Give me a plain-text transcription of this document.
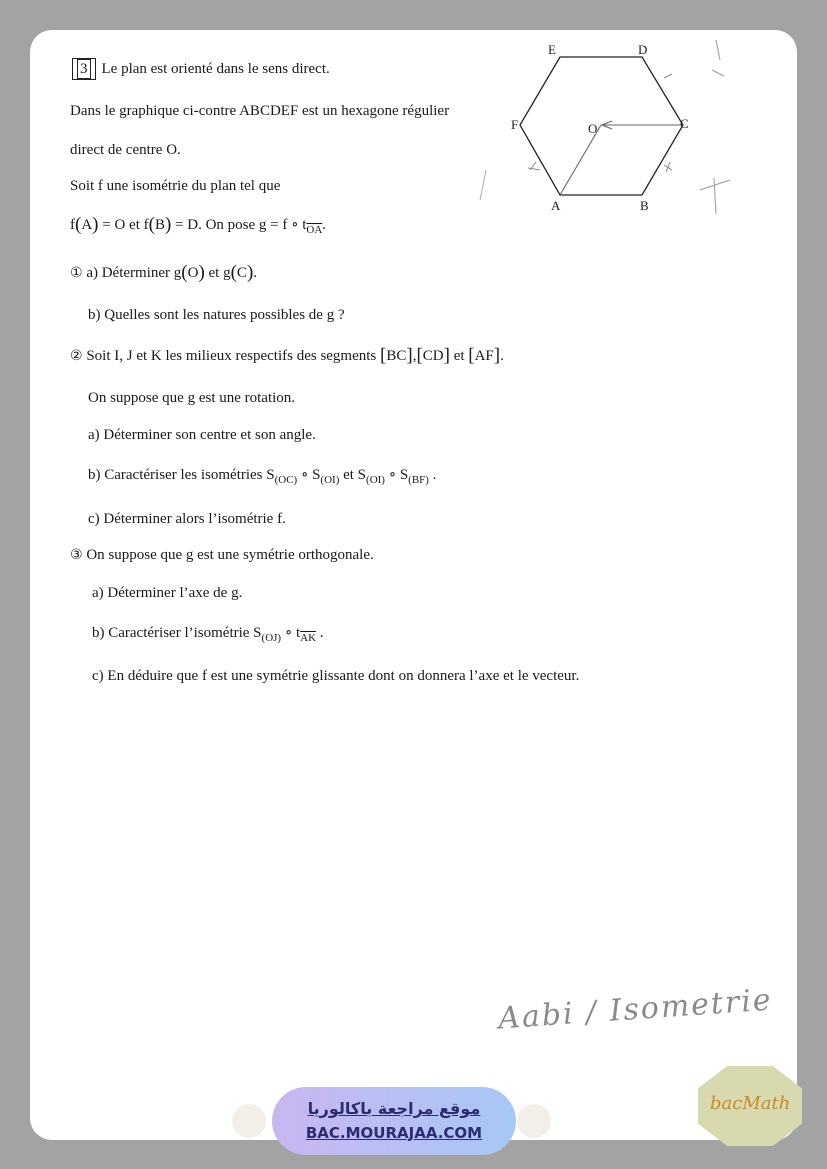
3 Le plan est orienté dans le sens direct.
Dans le graphique ci-contre ABCDEF est un hexagone régulier
direct de centre O.
Soit f une isométrie du plan tel que
f(A) = O et f(B) = D. On pose g = f ∘ $t_{\overline{OA}}$.
① a) Déterminer g(O) et g(C).
b) Quelles sont les natures possibles de g ?
② Soit I, J et K les milieux respectifs des segments [BC],[CD] et [AF].
On suppose que g est une rotation.
a) Déterminer son centre et son angle.
b) Caractériser les isométries $S_{(OC)}$ ∘ $S_{(OI)}$ et $S_{(OI)}$ ∘ $S_{(BF)}$ .
c) Déterminer alors l’isométrie f.
③ On suppose que g est une symétrie orthogonale.
a) Déterminer l’axe de g.
b) Caractériser l’isométrie $S_{(OJ)}$ ∘ $t_{\overline{AK}}$ .
c) En déduire que f est une symétrie glissante dont on donnera l’axe et le vecteur.
A	B
C
D
E
F	O
Aabi / Isometrie
موقع مراجعة باكالوريا
BAC.MOURAJAA.COM
bacMath
